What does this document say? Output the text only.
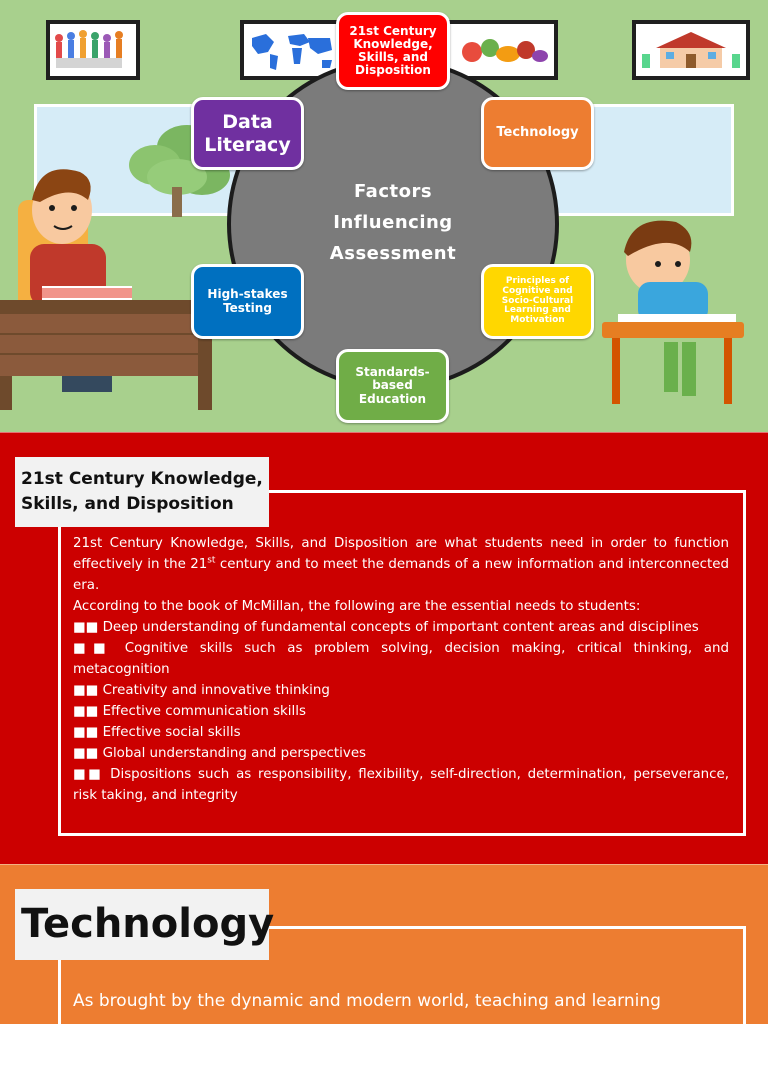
Factors Influencing Assessment
21st Century Knowledge, Skills, and Disposition
Technology
Principles of Cognitive and Socio-Cultural Learning and Motivation
Standards-based Education
High-stakes Testing
Data Literacy
21st Century Knowledge, Skills, and Disposition

21st Century Knowledge, Skills, and Disposition are what students need in order to function effectively in the 21st century and to meet the demands of a new information and interconnected era.

According to the book of McMillan, the following are the essential needs to students:

■■ Deep understanding of fundamental concepts of important content areas and disciplines

■■ Cognitive skills such as problem solving, decision making, critical thinking, and metacognition

■■ Creativity and innovative thinking

■■ Effective communication skills

■■ Effective social skills

■■ Global understanding and perspectives

■■ Dispositions such as responsibility, flexibility, self-direction, determination, perseverance, risk taking, and integrity

Technology

As brought by the dynamic and modern world, teaching and learning
